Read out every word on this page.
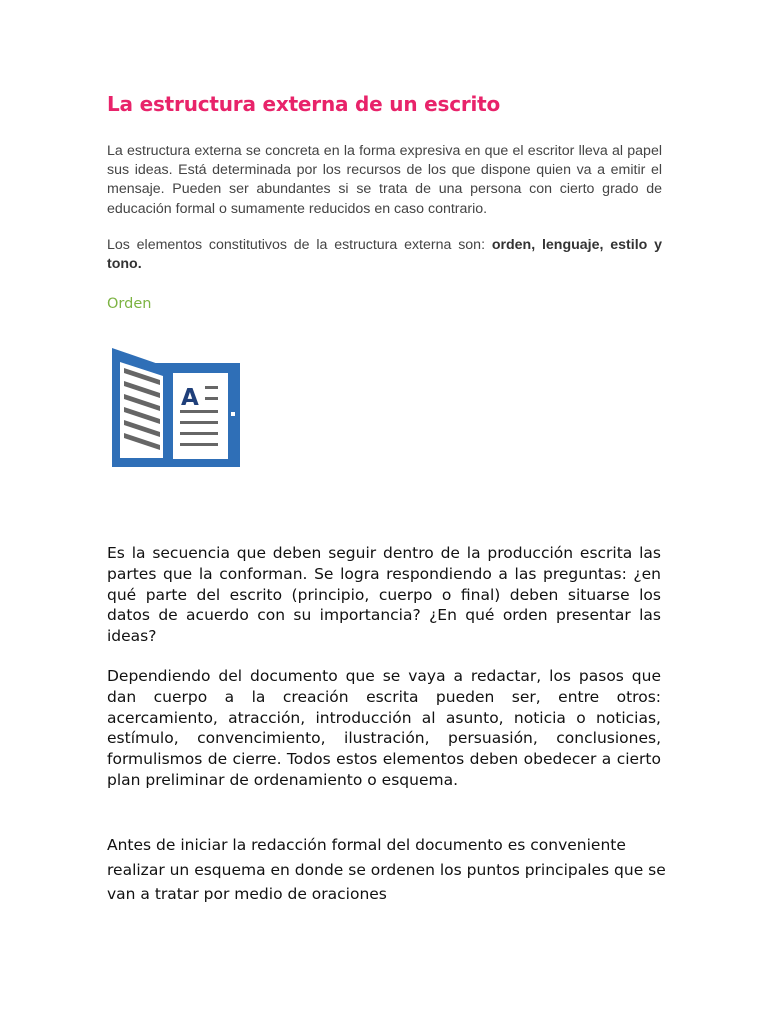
La estructura externa de un escrito

La estructura externa se concreta en la forma expresiva en que el escritor lleva al papel sus ideas. Está determinada por los recursos de los que dispone quien va a emitir el mensaje. Pueden ser abundantes si se trata de una persona con cierto grado de educación formal o sumamente reducidos en caso contrario.

Los elementos constitutivos de la estructura externa son: orden, lenguaje, estilo y tono.

Orden
A

Es la secuencia que deben seguir dentro de la producción escrita las partes que la conforman. Se logra respondiendo a las preguntas: ¿en qué parte del escrito (principio, cuerpo o final) deben situarse los datos de acuerdo con su importancia? ¿En qué orden presentar las ideas?

Dependiendo del documento que se vaya a redactar, los pasos que dan cuerpo a la creación escrita pueden ser, entre otros: acercamiento, atracción, introducción al asunto, noticia o noticias, estímulo, convencimiento, ilustración, persuasión, conclusiones, formulismos de cierre. Todos estos elementos deben obedecer a cierto plan preliminar de ordenamiento o esquema.

Antes de iniciar la redacción formal del documento es conveniente realizar un esquema en donde se ordenen los puntos principales que se van a tratar por medio de oraciones
